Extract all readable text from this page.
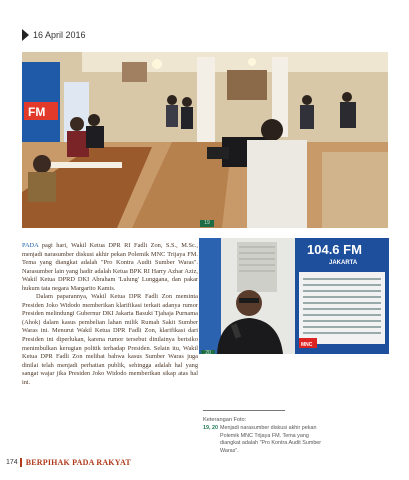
16 April 2016
FM
19

PADA pagi hari, Wakil Ketua DPR RI Fadli Zon, S.S., M.Sc., menjadi narasumber diskusi akhir pekan Polemik MNC Trijaya FM. Tema yang diangkat adalah "Pro Kontra Audit Sumber Waras". Narasumber lain yang hadir adalah Ketua BPK RI Harry Azhar Aziz, Wakil Ketua DPRD DKI Abraham 'Lulung' Lunggana, dan pakar hukum tata negara Margarito Kamis.

Dalam paparannya, Wakil Ketua DPR Fadli Zon meminta Presiden Joko Widodo memberikan klarifikasi terkait adanya rumor Presiden melindungi Gubernur DKI Jakarta Basuki Tjahaja Purnama (Ahok) dalam kasus pembelian lahan milik Rumah Sakit Sumber Waras ini. Menurut Wakil Ketua DPR Fadli Zon, klarifikasi dari Presiden ini diperlukan, karena rumor tersebut dinilainya berisiko menimbulkan kerugian politik terhadap Presiden. Selain itu, Wakil Ketua DPR Fadli Zon melihat bahwa kasus Sumber Waras juga dinilai telah menjadi perhatian publik, sehingga adalah hal yang sangat wajar jika Presiden Joko Widodo memberikan sikap atas hal ini.

104.6 FM
JAKARTA
MNC
20
Keterangan Foto:
19, 20 Menjadi narasumber diskusi akhir pekan Polemik MNC Trijaya FM. Tema yang diangkat adalah "Pro Kontra Audit Sumber Waras".
174 BERPIHAK PADA RAKYAT
